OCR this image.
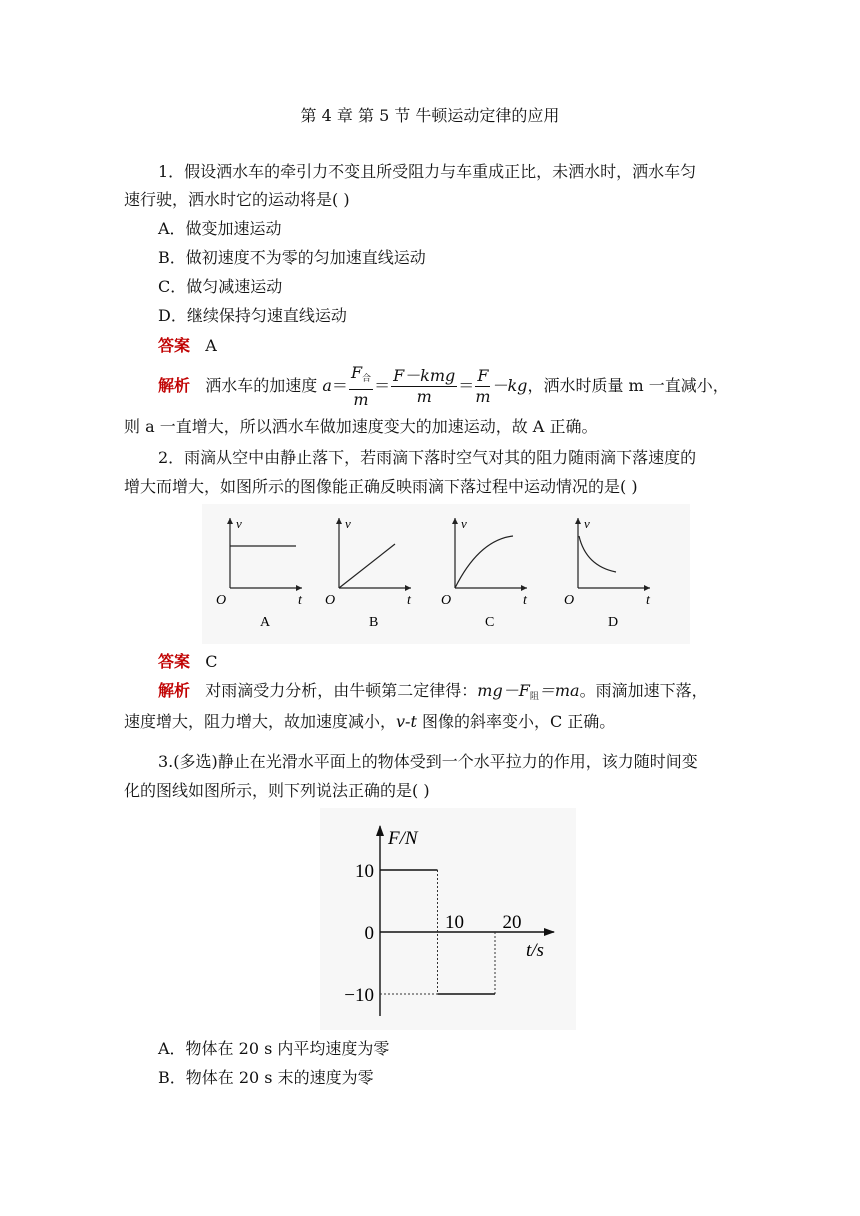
第 4 章 第 5 节 牛顿运动定律的应用
1．假设洒水车的牵引力不变且所受阻力与车重成正比，未洒水时，洒水车匀
速行驶，洒水时它的运动将是( )
A．做变加速运动
B．做初速度不为零的匀加速直线运动
C．做匀减速运动
D．继续保持匀速直线运动
答案 A
解析 洒水车的加速度 $a= \frac{F_合}{m} = \frac{\text{F－kmg}}{m} = \frac{F}{m} -kg$，洒水时质量 m 一直减小，
则 a 一直增大，所以洒水车做加速度变大的加速运动，故 A 正确。
2．雨滴从空中由静止落下，若雨滴下落时空气对其的阻力随雨滴下落速度的
增大而增大，如图所示的图像能正确反映雨滴下落过程中运动情况的是( )
v
t
O
A
v
t
O
B
v
t
O
C
v
t
O
D
答案 C
解析 对雨滴受力分析，由牛顿第二定律得：$mg-F_阻=ma$。雨滴加速下落，
速度增大，阻力增大，故加速度减小，v-t 图像的斜率变小，C 正确。
3.(多选)静止在光滑水平面上的物体受到一个水平拉力的作用，该力随时间变
化的图线如图所示，则下列说法正确的是( )
F/N
t/s
10
0
−10
10 20
A．物体在 20 s 内平均速度为零
B．物体在 20 s 末的速度为零
